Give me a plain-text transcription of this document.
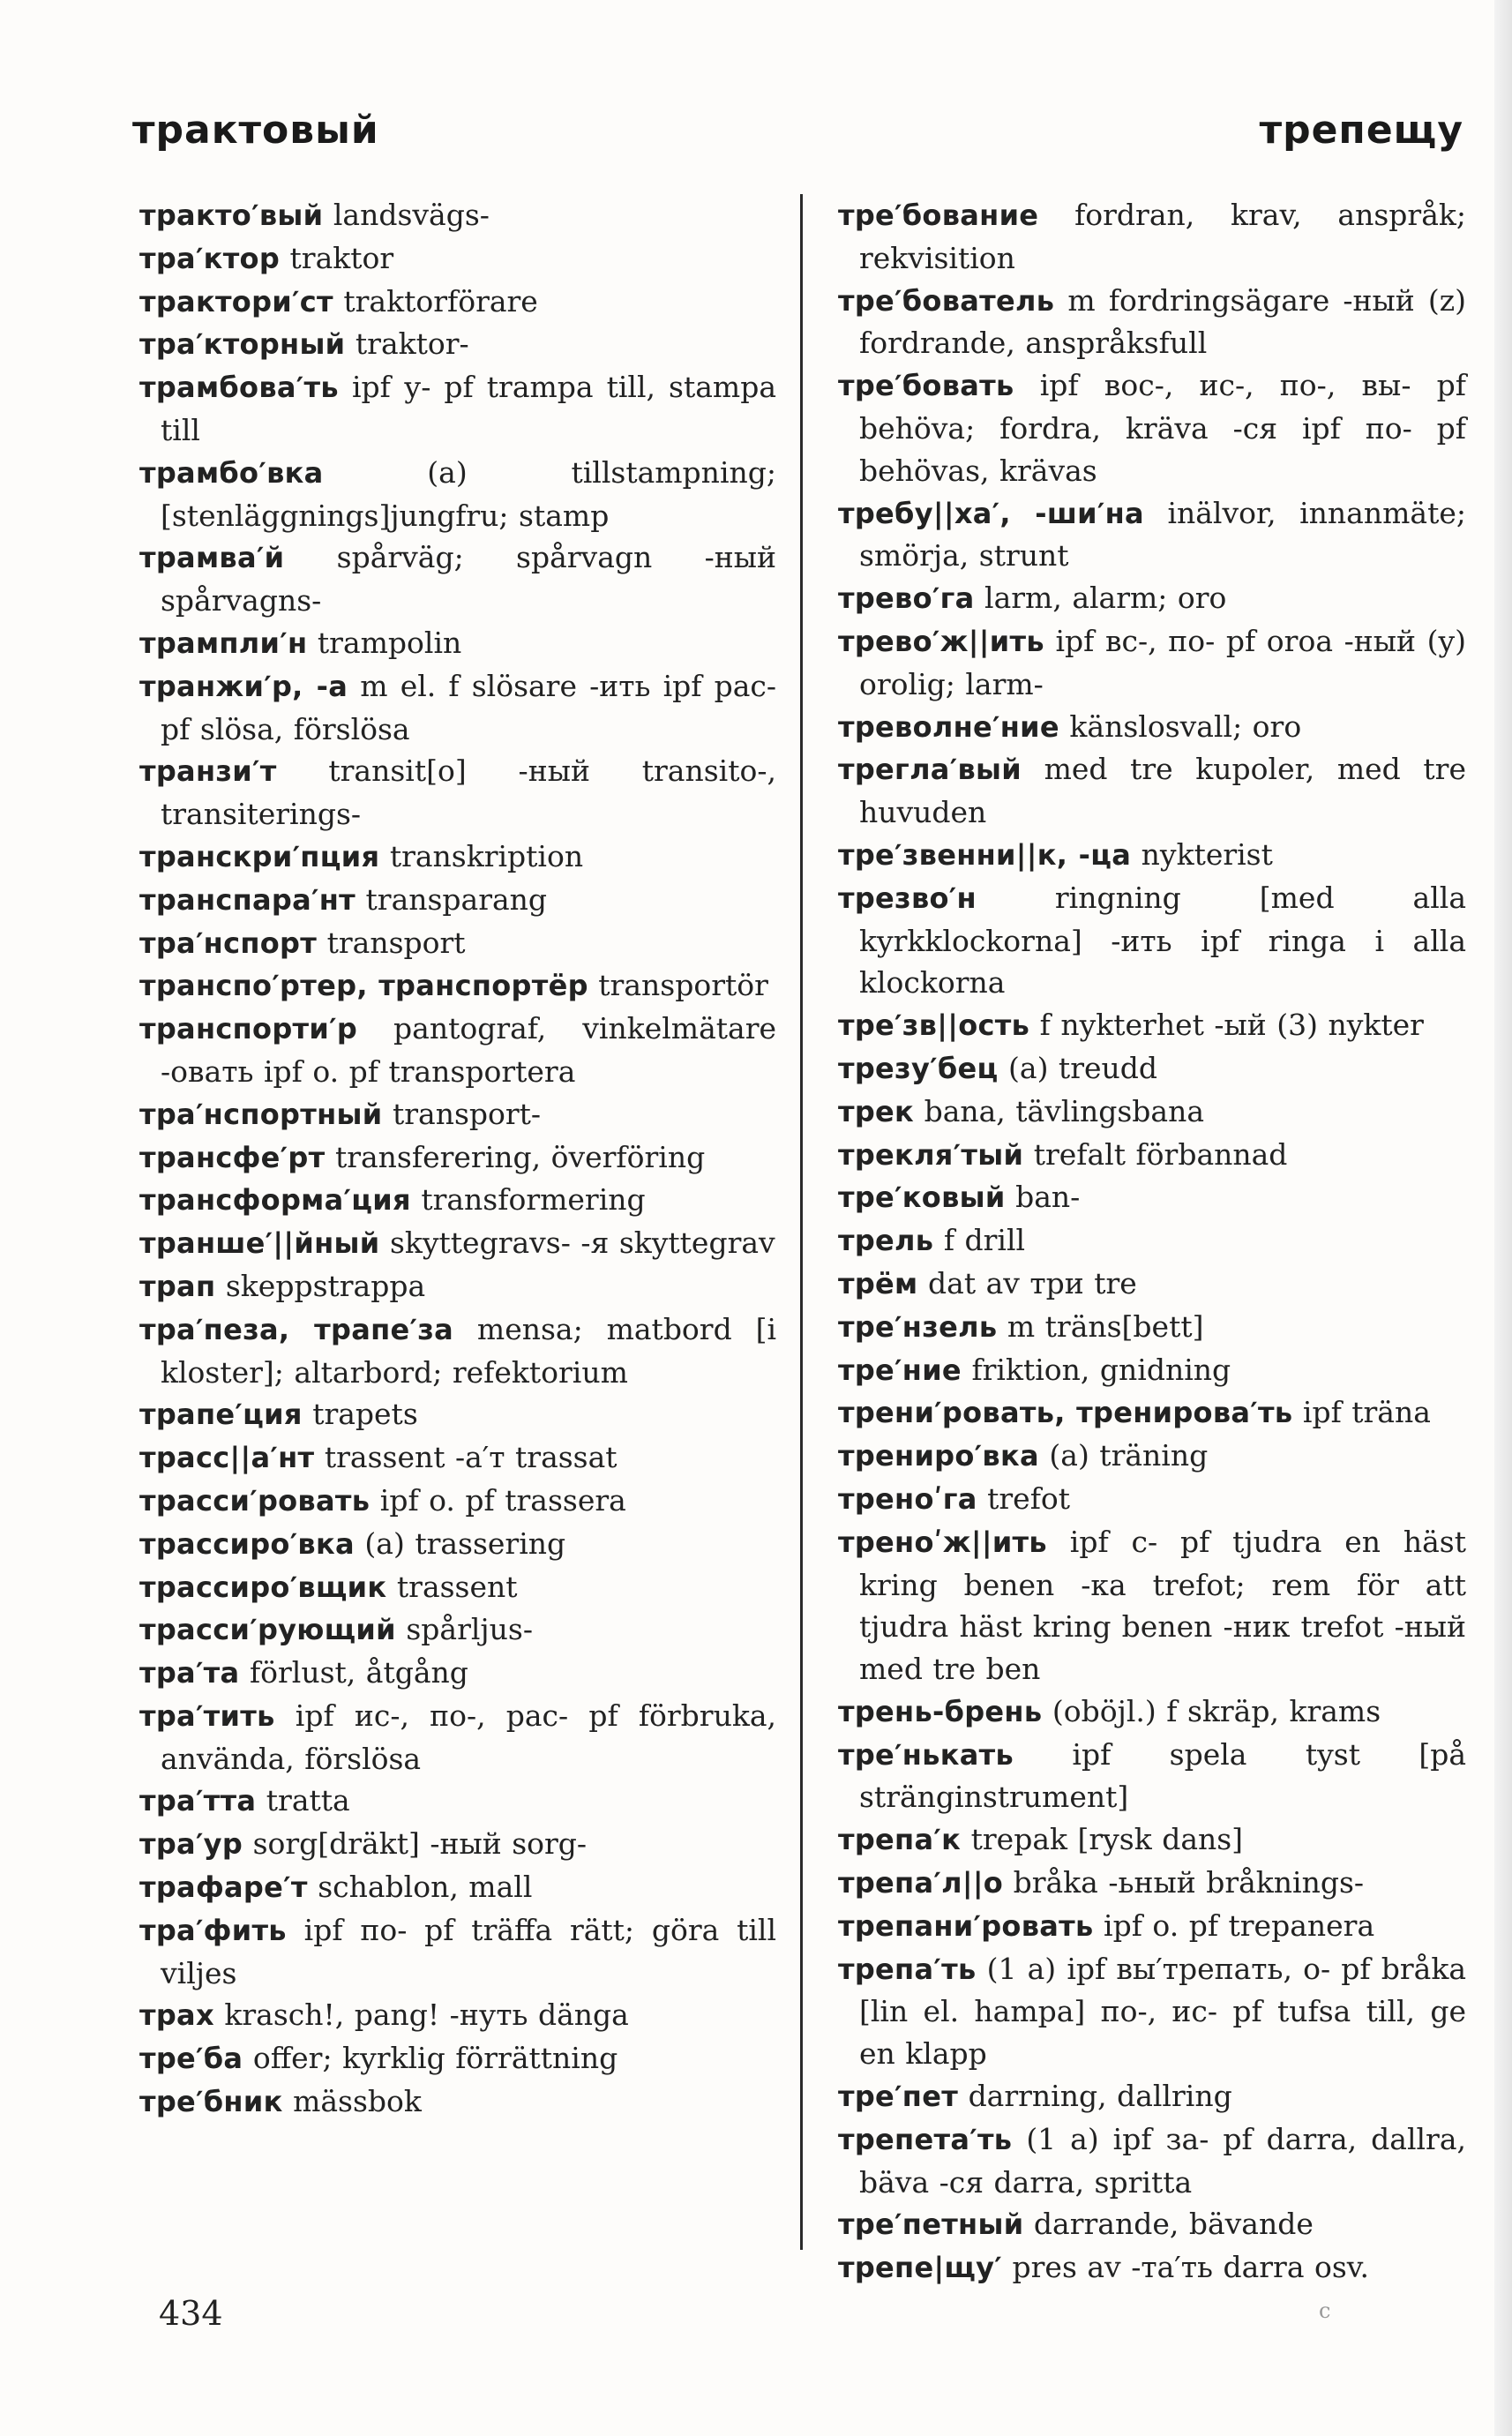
трактовый	трепещу
тракто′вый landsvägs-
тра′ктор traktor
трактори′ст traktorförare
тра′кторный traktor-
трамбова′ть ipf у- pf trampa till, stampa till
трамбо′вка	(a) tillstampning; [stenläggnings]jungfru; stamp
трамва′й spårväg; spårvagn -ный spårvagns-
трампли′н trampolin
транжи′р, -а m el. f slösare -ить ipf рас- pf slösa, förslösa
транзи′т transit[o] -ный transito-, transiterings-
транскри′пция transkription
транспара′нт transparang
тра′нспорт transport
транспо′ртер, транспортёр transportör
транспорти′р pantograf, vinkelmätare -овать ipf o. pf transportera
тра′нспортный transport-
трансфе′рт transferering, överföring
трансформа′ция transformering
транше′||йный skyttegravs- -я skyttegrav
трап skeppstrappa
тра′пеза, трапе′за mensa; matbord [i kloster]; altarbord; refektorium
трапе′ция trapets
трасс||а′нт trassent -а′т trassat
трасси′ровать ipf o. pf trassera
трассиро′вка (a) trassering
трассиро′вщик trassent
трасси′рующий spårljus-
тра′та förlust, åtgång
тра′тить ipf ис-, по-, рас- pf förbruka, använda, förslösa
тра′тта tratta
тра′ур sorg[dräkt] -ный sorg-
трафаре′т schablon, mall
тра′фить ipf по- pf träffa rätt; göra till viljes
трах krasch!, pang! -нуть dänga
тре′ба offer; kyrklig förrättning
тре′бник mässbok
тре′бование fordran, krav, anspråk; rekvisition
тре′бователь m fordringsägare -ный (z) fordrande, anspråksfull
тре′бовать ipf вос-, ис-, по-, вы- pf behöva; fordra, kräva -ся ipf по- pf behövas, krävas
требу||ха′, -ши′на inälvor, innanmäte; smörja, strunt
трево′га larm, alarm; oro
трево′ж||ить ipf вс-, по- pf oroa -ный (y) orolig; larm-
треволне′ние känslosvall; oro
трегла′вый med tre kupoler, med tre huvuden
тре′звенни||к, -ца nykterist
трезво′н	ringning [med alla kyrkklockorna] -ить ipf ringa i alla klockorna
тре′зв||ость f nykterhet -ый (3) nykter
трезу′бец (a) treudd
трек bana, tävlingsbana
трекля′тый trefalt förbannad
тре′ковый ban-
трель f drill
трём dat av три tre
тре′нзель m träns[bett]
тре′ние friktion, gnidning
трени′ровать, тренирова′ть ipf träna
трениро′вка (a) träning
треноʹга trefot
треноʹж||ить ipf с- pf tjudra en häst kring benen -ка trefot; rem för att tjudra häst kring benen -ник trefot -ный med tre ben
трень-брень (oböjl.) f skräp, krams
тре′нькать ipf spela tyst [på stränginstrument]
трепа′к trepak [rysk dans]
трепа′л||о bråka -ьный bråknings-
трепани′ровать ipf o. pf trepanera
трепа′ть (1 a) ipf вы′трепать, о- pf bråka [lin el. hampa] по-, ис- pf tufsa till, ge en klapp
тре′пет darrning, dallring
трепета′ть (1 a) ipf за- pf darra, dallra, bäva -ся darra, spritta
тре′петный darrande, bävande
трепе|щу′ pres av -та′ть darra osv.
434	c
